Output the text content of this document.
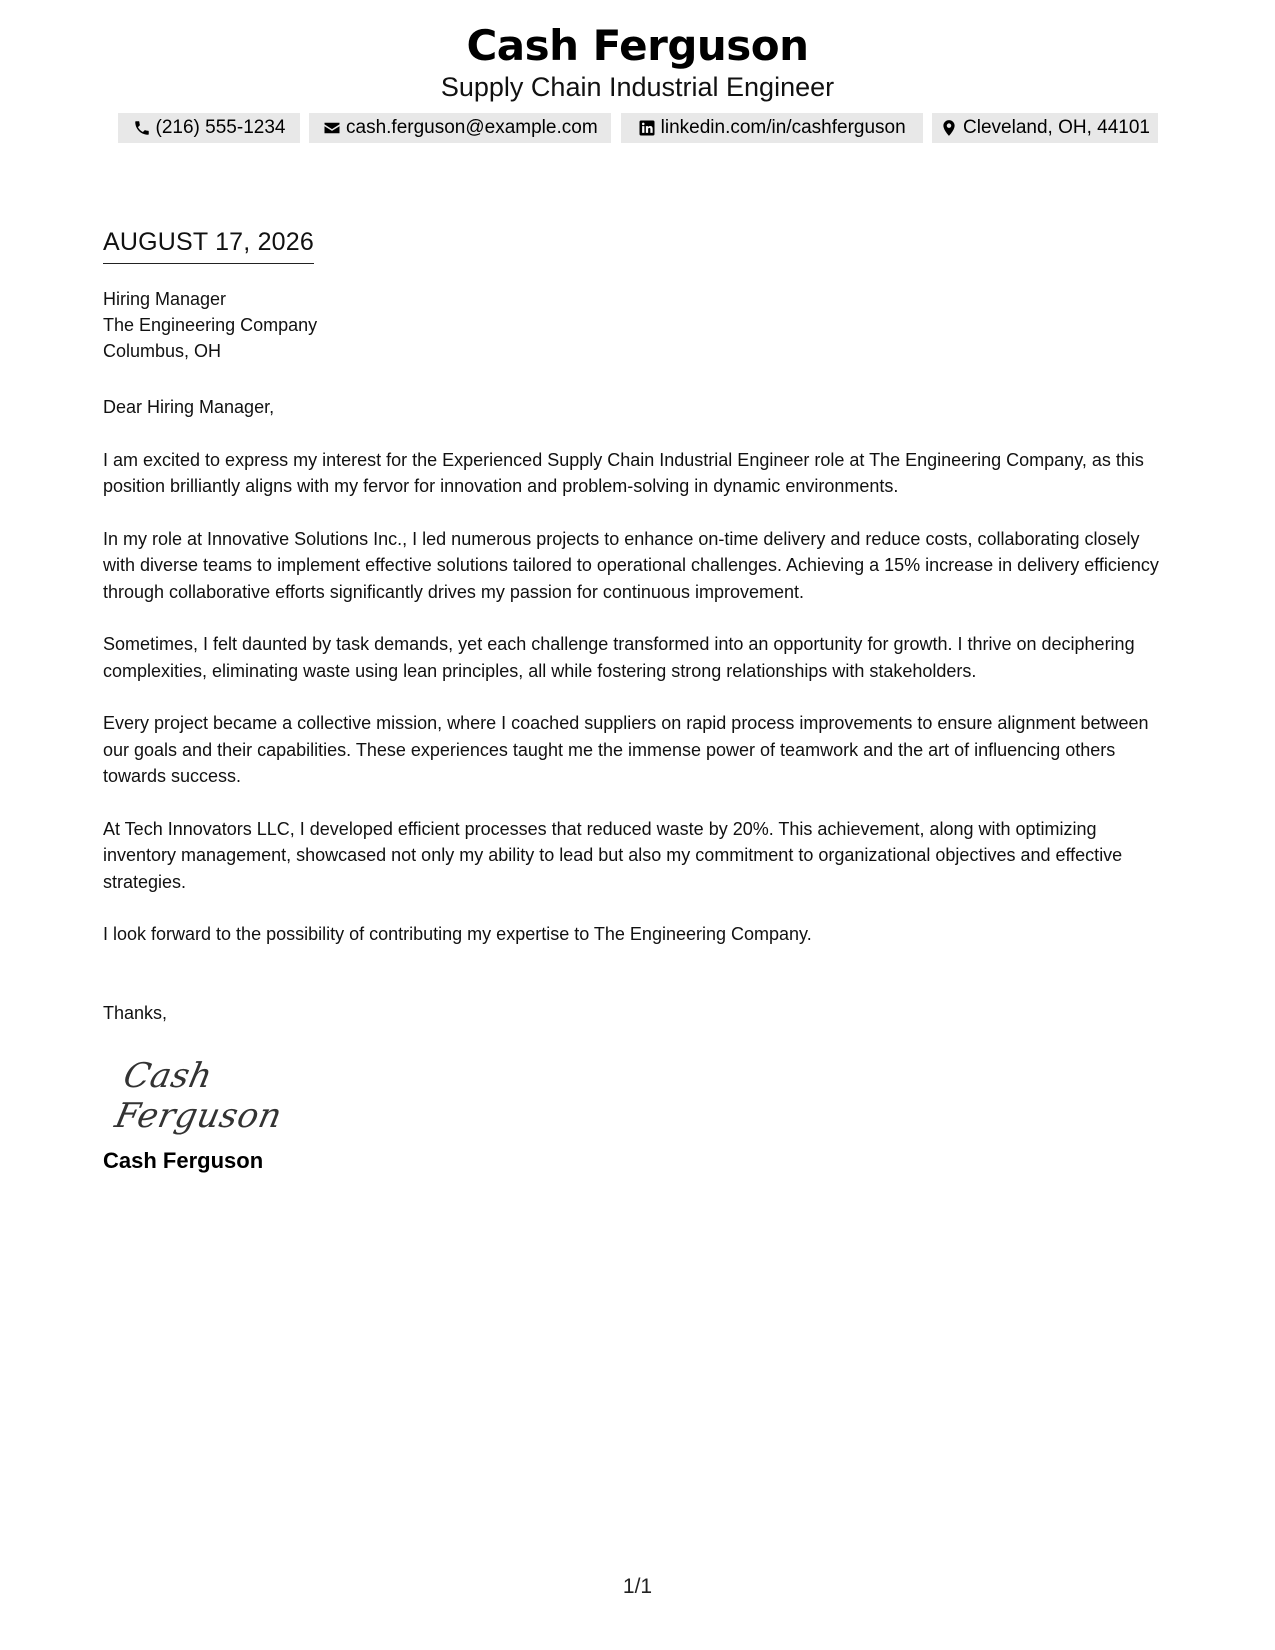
Cash Ferguson
Supply Chain Industrial Engineer
(216) 555-1234	cash.ferguson@example.com	linkedin.com/in/cashferguson	Cleveland, OH, 44101
AUGUST 17, 2026
Hiring Manager
The Engineering Company
Columbus, OH

Dear Hiring Manager,

I am excited to express my interest for the Experienced Supply Chain Industrial Engineer role at The Engineering Company, as this position brilliantly aligns with my fervor for innovation and problem-solving in dynamic environments.

In my role at Innovative Solutions Inc., I led numerous projects to enhance on-time delivery and reduce costs, collaborating closely with diverse teams to implement effective solutions tailored to operational challenges. Achieving a 15% increase in delivery efficiency through collaborative efforts significantly drives my passion for continuous improvement.

Sometimes, I felt daunted by task demands, yet each challenge transformed into an opportunity for growth. I thrive on deciphering complexities, eliminating waste using lean principles, all while fostering strong relationships with stakeholders.

Every project became a collective mission, where I coached suppliers on rapid process improvements to ensure alignment between our goals and their capabilities. These experiences taught me the immense power of teamwork and the art of influencing others towards success.

At Tech Innovators LLC, I developed efficient processes that reduced waste by 20%. This achievement, along with optimizing inventory management, showcased not only my ability to lead but also my commitment to organizational objectives and effective strategies.

I look forward to the possibility of contributing my expertise to The Engineering Company.

Thanks,
Cash Ferguson
Cash Ferguson
1/1
